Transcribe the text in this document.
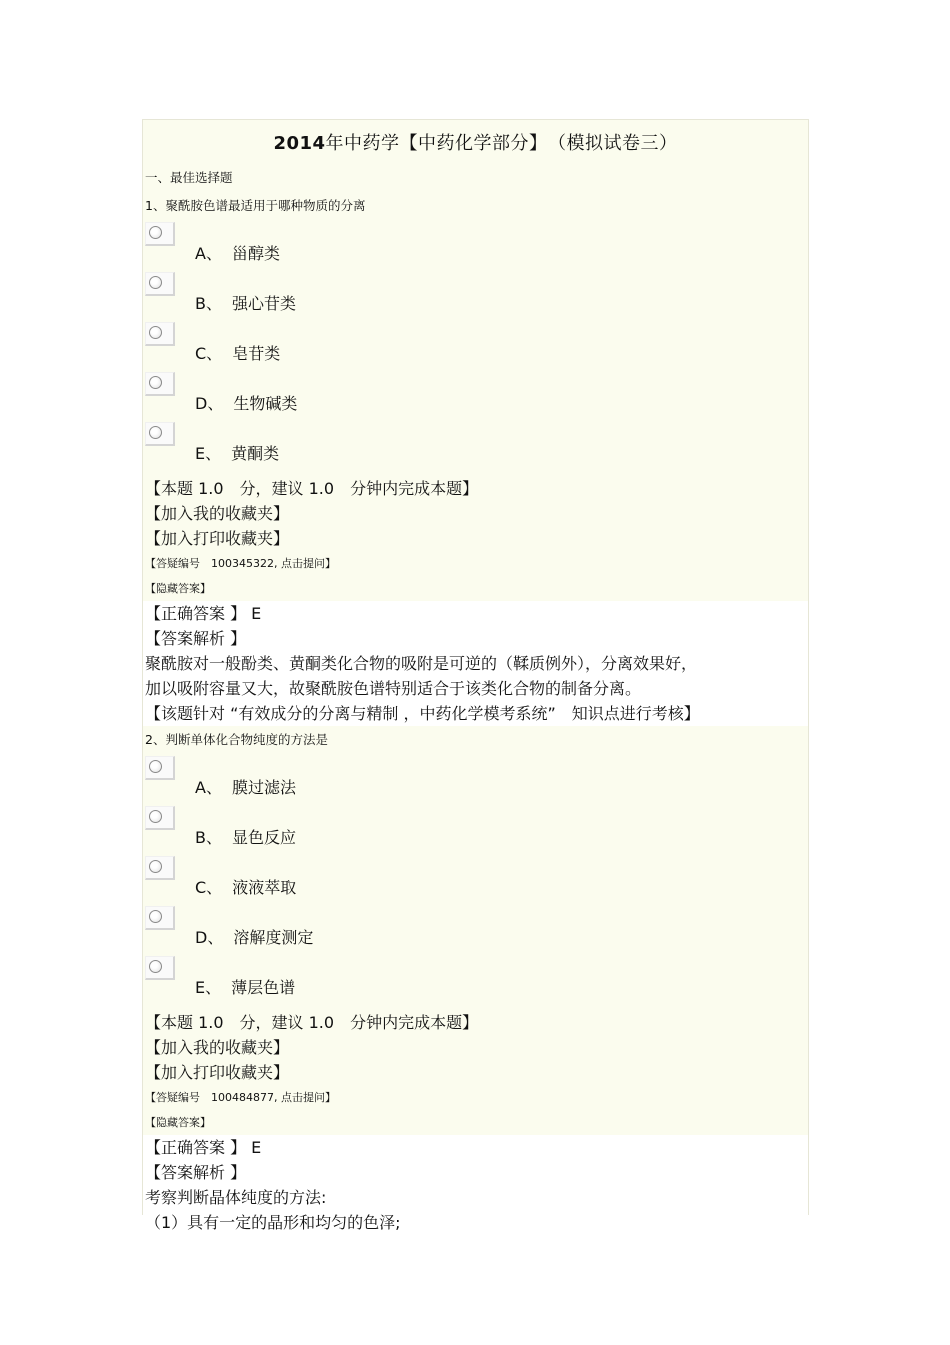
2014年中药学【中药化学部分】　（模拟试卷三）
一、最佳选择题
1、聚酰胺色谱最适用于哪种物质的分离
A、 甾醇类
B、 强心苷类
C、 皂苷类
D、 生物碱类
E、 黄酮类
【本题 1.0　分，建议 1.0　分钟内完成本题】
【加入我的收藏夹】
【加入打印收藏夹】
【答疑编号　100345322, 点击提问】
【隐藏答案】

【正确答案 】 E

【答案解析 】

聚酰胺对一般酚类、黄酮类化合物的吸附是可逆的（鞣质例外），分离效果好，

加以吸附容量又大，故聚酰胺色谱特别适合于该类化合物的制备分离。

【该题针对 “有效成分的分离与精制 ，中药化学模考系统”　知识点进行考核】

2、判断单体化合物纯度的方法是
A、 膜过滤法
B、 显色反应
C、 液液萃取
D、 溶解度测定
E、 薄层色谱
【本题 1.0　分，建议 1.0　分钟内完成本题】
【加入我的收藏夹】
【加入打印收藏夹】
【答疑编号　100484877, 点击提问】
【隐藏答案】

【正确答案 】 E

【答案解析 】

考察判断晶体纯度的方法:

（1）具有一定的晶形和均匀的色泽;
